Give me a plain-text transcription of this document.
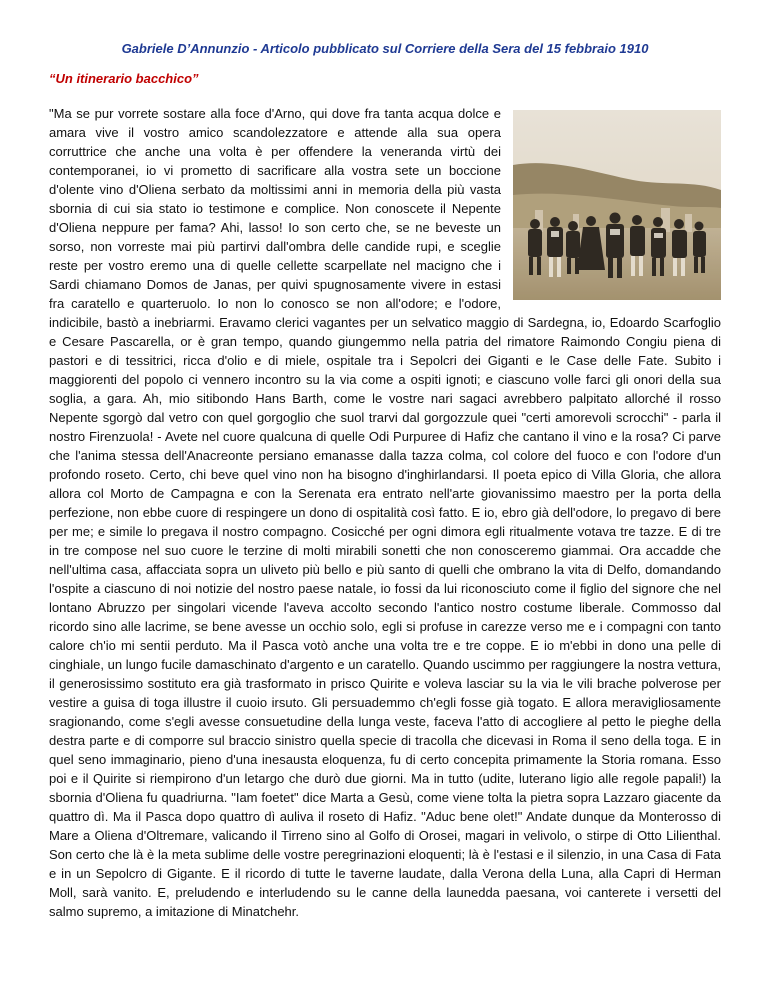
Gabriele D’Annunzio - Articolo pubblicato sul Corriere della Sera del 15 febbraio 1910
“Un itinerario bacchico”

"Ma se pur vorrete sostare alla foce d'Arno, qui dove fra tanta acqua dolce e amara vive il vostro amico scandolezzatore e attende alla sua opera corruttrice che anche una volta è per offendere la veneranda virtù dei contemporanei, io vi prometto di sacrificare alla vostra sete un boccione d'olente vino d'Oliena serbato da moltissimi anni in memoria della più vasta sbornia di cui sia stato io testimone e complice. Non conoscete il Nepente d'Oliena neppure per fama? Ahi, lasso! Io son certo che, se ne beveste un sorso, non vorreste mai più partirvi dall'ombra delle candide rupi, e sceglie reste per vostro eremo una di quelle cellette scarpellate nel macigno che i Sardi chiamano Domos de Janas, per quivi spugnosamente vivere in estasi fra caratello e quarteruolo. Io non lo conosco se non all'odore; e l'odore, indicibile, bastò a inebriarmi. Eravamo clerici vagantes per un selvatico maggio di Sardegna, io, Edoardo Scarfoglio e Cesare Pascarella, or è gran tempo, quando giungemmo nella patria del rimatore Raimondo Congiu piena di pastori e di tessitrici, ricca d'olio e di miele, ospitale tra i Sepolcri dei Giganti e le Case delle Fate. Subito i maggiorenti del popolo ci vennero incontro su la via come a ospiti ignoti; e ciascuno volle farci gli onori della sua soglia, a gara. Ah, mio sitibondo Hans Barth, come le vostre nari sagaci avrebbero palpitato allorché il rosso Nepente sgorgò dal vetro con quel gorgoglio che suol trarvi dal gorgozzule quei "certi amorevoli scrocchi" - parla il nostro Firenzuola! - Avete nel cuore qualcuna di quelle Odi Purpuree di Hafiz che cantano il vino e la rosa? Ci parve che l'anima stessa dell'Anacreonte persiano emanasse dalla tazza colma, col colore del fuoco e con l'odore d'un profondo roseto. Certo, chi beve quel vino non ha bisogno d'inghirlandarsi. Il poeta epico di Villa Gloria, che allora allora col Morto de Campagna e con la Serenata era entrato nell'arte giovanissimo maestro per la porta della perfezione, non ebbe cuore di respingere un dono di ospitalità così fatto. E io, ebro già dell'odore, lo pregavo di bere per me; e simile lo pregava il nostro compagno. Cosicché per ogni dimora egli ritualmente votava tre tazze. E di tre in tre compose nel suo cuore le terzine di molti mirabili sonetti che non conosceremo giammai. Ora accadde che nell'ultima casa, affacciata sopra un uliveto più bello e più santo di quelli che ombrano la vita di Delfo, domandando l'ospite a ciascuno di noi notizie del nostro paese natale, io fossi da lui riconosciuto come il figlio del signore che nel lontano Abruzzo per singolari vicende l'aveva accolto secondo l'antico nostro costume liberale. Commosso dal ricordo sino alle lacrime, se bene avesse un occhio solo, egli si profuse in carezze verso me e i compagni con tanto calore ch'io mi sentii perduto. Ma il Pasca votò anche una volta tre e tre coppe. E io m'ebbi in dono una pelle di cinghiale, un lungo fucile damaschinato d'argento e un caratello. Quando uscimmo per raggiungere la nostra vettura, il generosissimo sostituto era già trasformato in prisco Quirite e voleva lasciar su la via le vili brache polverose per vestire a guisa di toga illustre il cuoio irsuto. Gli persuademmo ch'egli fosse già togato. E allora meravigliosamente sragionando, come s'egli avesse consuetudine della lunga veste, faceva l'atto di accogliere al petto le pieghe della destra parte e di comporre sul braccio sinistro quella specie di tracolla che dicevasi in Roma il seno della toga. E in quel seno immaginario, pieno d'una inesausta eloquenza, fu di certo concepita primamente la Storia romana. Esso poi e il Quirite si riempirono d'un letargo che durò due giorni. Ma in tutto (udite, luterano ligio alle regole papali!) la sbornia d'Oliena fu quadriurna. "Iam foetet" dice Marta a Gesù, come viene tolta la pietra sopra Lazzaro giacente da quattro dì. Ma il Pasca dopo quattro dì auliva il roseto di Hafiz. "Aduc bene olet!" Andate dunque da Monterosso di Mare a Oliena d'Oltremare, valicando il Tirreno sino al Golfo di Orosei, magari in velivolo, o stirpe di Otto Lilienthal. Son certo che là è la meta sublime delle vostre peregrinazioni eloquenti; là è l'estasi e il silenzio, in una Casa di Fata e in un Sepolcro di Gigante. E il ricordo di tutte le taverne laudate, dalla Verona della Luna, alla Capri di Herman Moll, sarà vanito. E, preludendo e interludendo su le canne della launedda paesana, voi canterete i versetti del salmo supremo, a imitazione di Minatchehr.
